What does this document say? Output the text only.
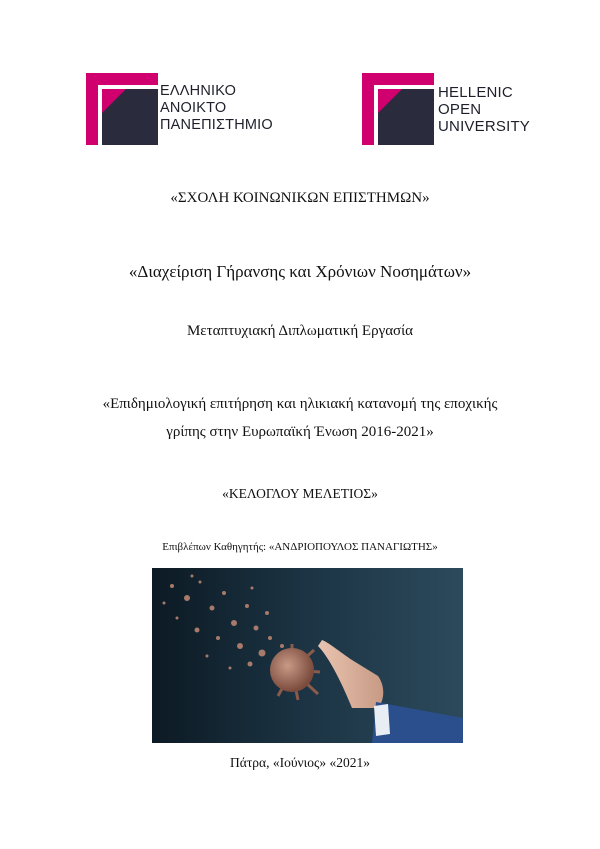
ΕΛΛΗΝΙΚΟ
ΑΝΟΙΚΤΟ
ΠΑΝΕΠΙΣΤΗΜΙΟ
HELLENIC
OPEN
UNIVERSITY
«ΣΧΟΛΗ ΚΟΙΝΩΝΙΚΩΝ ΕΠΙΣΤΗΜΩΝ»
«Διαχείριση Γήρανσης και Χρόνιων Νοσημάτων»
Μεταπτυχιακή Διπλωματική Εργασία
«Επιδημιολογική επιτήρηση και ηλικιακή κατανομή της εποχικής
γρίπης στην Ευρωπαϊκή Ένωση 2016-2021»
«ΚΕΛΟΓΛΟΥ ΜΕΛΕΤΙΟΣ»
Επιβλέπων Καθηγητής: «ΑΝΔΡΙΟΠΟΥΛΟΣ ΠΑΝΑΓΙΩΤΗΣ»
Πάτρα, «Ιούνιος» «2021»
